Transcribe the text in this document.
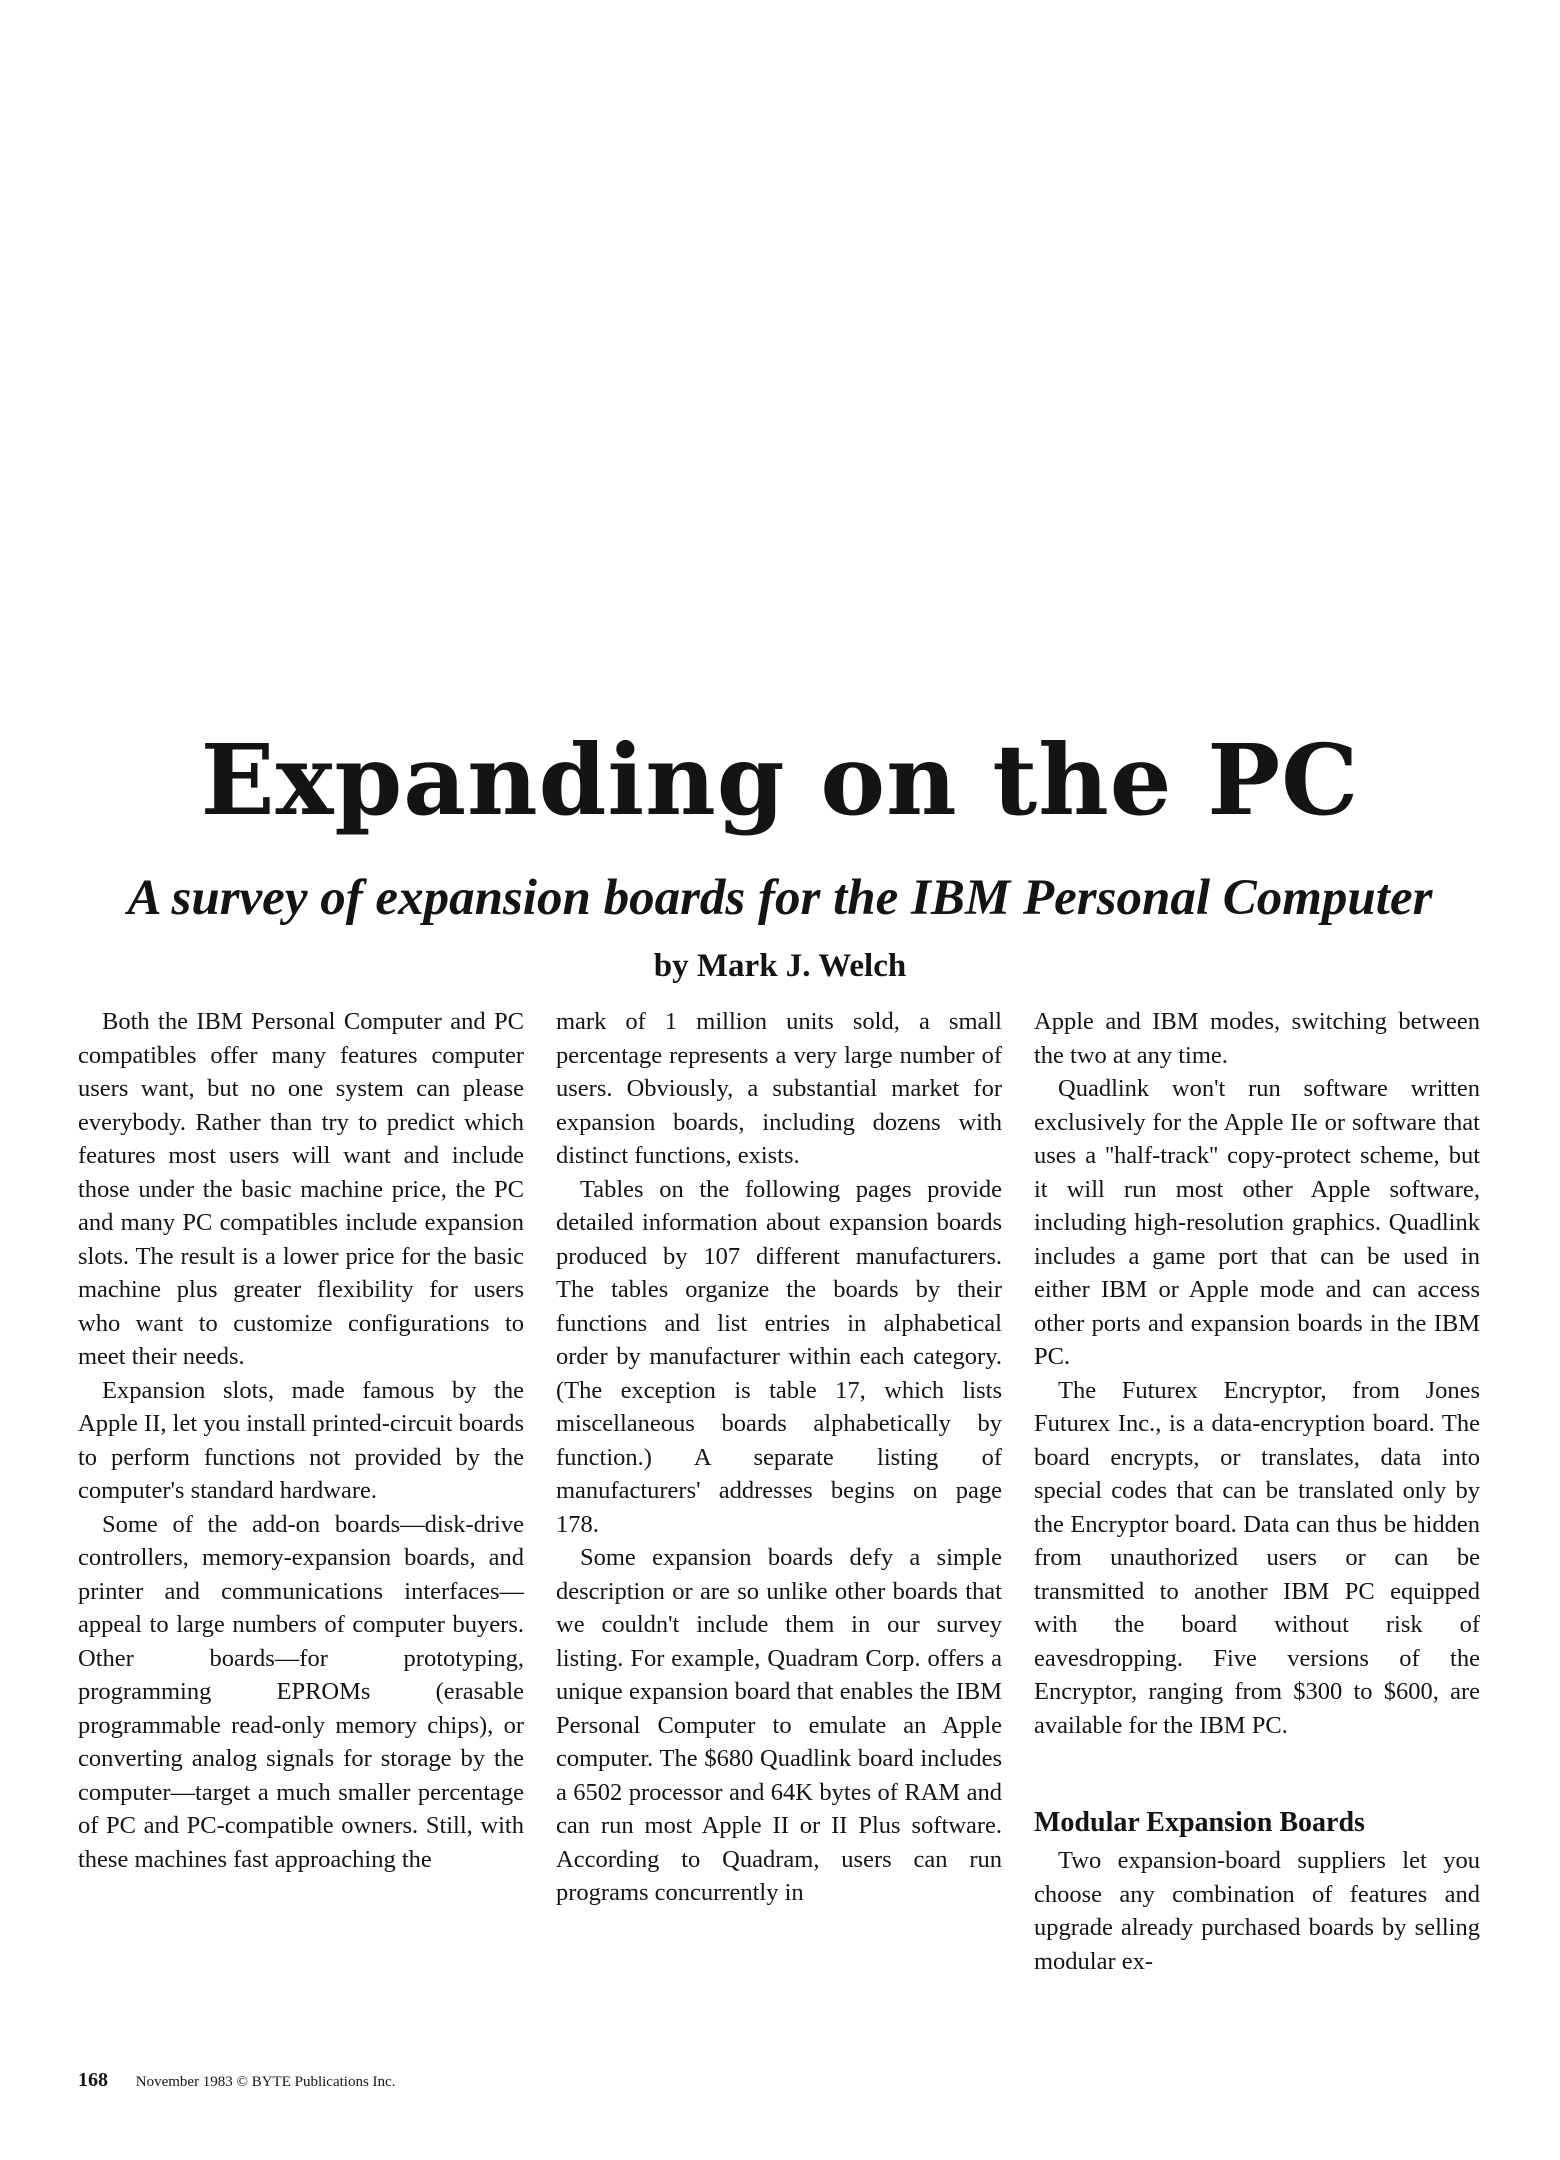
Expanding on the PC
A survey of expansion boards for the IBM Personal Computer
by Mark J. Welch

Both the IBM Personal Computer and PC compatibles offer many features computer users want, but no one system can please everybody. Rather than try to predict which features most users will want and include those under the basic machine price, the PC and many PC compatibles include expansion slots. The result is a lower price for the basic machine plus greater flexibility for users who want to customize configurations to meet their needs.

Expansion slots, made famous by the Apple II, let you install printed-circuit boards to perform functions not provided by the computer's standard hardware.

Some of the add-on boards—disk-drive controllers, memory-expansion boards, and printer and communications interfaces—appeal to large numbers of computer buyers. Other boards—for prototyping, programming EPROMs (erasable programmable read-only memory chips), or converting analog signals for storage by the computer—target a much smaller percentage of PC and PC-compatible owners. Still, with these machines fast approaching the

mark of 1 million units sold, a small percentage represents a very large number of users. Obviously, a substantial market for expansion boards, including dozens with distinct functions, exists.

Tables on the following pages provide detailed information about expansion boards produced by 107 different manufacturers. The tables organize the boards by their functions and list entries in alphabetical order by manufacturer within each category. (The exception is table 17, which lists miscellaneous boards alphabetically by function.) A separate listing of manufacturers' addresses begins on page 178.

Some expansion boards defy a simple description or are so unlike other boards that we couldn't include them in our survey listing. For example, Quadram Corp. offers a unique expansion board that enables the IBM Personal Computer to emulate an Apple computer. The $680 Quadlink board includes a 6502 processor and 64K bytes of RAM and can run most Apple II or II Plus software. According to Quadram, users can run programs concurrently in

Apple and IBM modes, switching between the two at any time.

Quadlink won't run software written exclusively for the Apple IIe or software that uses a ''half-track'' copy-protect scheme, but it will run most other Apple software, including high-resolution graphics. Quadlink includes a game port that can be used in either IBM or Apple mode and can access other ports and expansion boards in the IBM PC.

The Futurex Encryptor, from Jones Futurex Inc., is a data-encryption board. The board encrypts, or translates, data into special codes that can be translated only by the Encryptor board. Data can thus be hidden from unauthorized users or can be transmitted to another IBM PC equipped with the board without risk of eavesdropping. Five versions of the Encryptor, ranging from $300 to $600, are available for the IBM PC.

Modular Expansion Boards

Two expansion-board suppliers let you choose any combination of features and upgrade already purchased boards by selling modular ex-

168 November 1983 © BYTE Publications Inc.
